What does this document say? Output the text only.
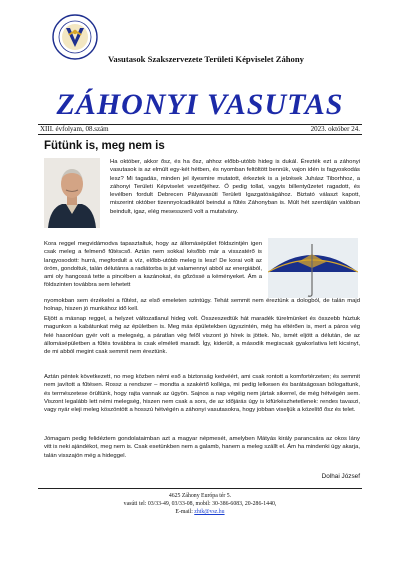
Vasutasok Szakszervezete Területi Képviselet Záhony
ZÁHONYI VASUTAS
XIII. évfolyam, 08.szám	2023. október 24.
Fütünk is, meg nem is
Ha október, akkor ősz, és ha ősz, ahhoz előbb-utóbb hideg is dukál. Érezték ezt a záhonyi vasutasok is az elmúlt egy-két hétben, és nyomban feltöltött bennük, vajon idén is fagyoskodás lesz? Mi tagadás, minden jel ilyesmire mutatott, érkeztek is a jelzések Juhász Tiborhhoz, a záhonyi Területi Képviselet vezetőjéhez. Ő pedig tollat, vagyis billentyűzetet ragadott, és levélben fordult Debrecen Pályavasúti Területi Igazgatóságához. Biztató választ kapott, miszerint október tizennyolcadikától beindul a fűtés Záhonyban is. Múlt hét szerdáján valóban beindult, igaz, elég mesesszerű volt a mutatvány.
Kora reggel megvidámodva tapasztaltuk, hogy az állomásépület földszintjén igen csak meleg a felmenő fűtéscső. Aztán nem sokkal később már a visszatérő is langyosodott: hurrá, megfordult a víz, előbb-utóbb meleg is lesz! De korai volt az öröm, gondoltuk, talán délutánra a radiátorba is jut valamennyi abból az energiából, ami oly hangossá tette a pincében a kazánokat, és gőzössé a kéményeket. Ám a földszinten továbbra sem lehetett
nyomokban sem érzékelni a fűtést, az első emeleten szintúgy. Tehát semmit nem éreztünk a dologból, de talán majd holnap, hiszen jó munkához idő kell.
Eljött a másnap reggel, a helyzet változatlanul hideg volt. Összeszedtük hát maradék türelmünket és összebb húztuk magunkon a kabátunkat még az épületben is. Meg más épületekben ügyszintén, még ha eltérően is, mert a páros vég felé hasonlóan gyér volt a melegség, a páratlan vég felől viszont jó hírek is jöttek. No, ismét eljött a délután, de az állomásépületben a fűtés továbbra is csak elméleti maradt. Így, kiderült, a második megiscsak gyakorlativa lett kicsinyt, de mi abból megint csak semmit nem éreztünk.
Aztán péntek következett, no meg közben némi eső a biztonság kedvéért, ami csak rontott a komfortérzeten; és semmit nem javított a fűtésen. Rossz a rendszer – mondta a szakértő kolléga, mi pedig lelkesen és barátságosan bólogattunk, és természetese örültünk, hogy rajta vannak az ügyön. Sajnos a nap végéig nem jártak sikerrel, de még hétvégén sem. Viszont legalább lett némi melegség, hiszen nem csak a sors, de az időjárás úgy is kifürkészhetetlenek: rendes tavaszi, vagy nyár eleji meleg köszöntött a hosszú hétvégén a záhonyi vasutasokra, hogy jobban viseljük a közelítő ősz és telet.
Jómagam pedig felidéztem gondolataimban azt a magyar népmesét, amelyben Mátyás király parancsára az okos lány vitt is neki ajándékot, meg nem is. Csak esetünkben nem a galamb, hanem a meleg szállt el. Ám ha mindenki úgy akarja, talán visszajön még a hideggel.
Dolhai József
4625 Záhony Európa tér 5.
vasúti tel: 03/33-49, 03/33-08, mobil: 30-386-6083, 20-286-1440,
E-mail: zhtk@vsz.hu
